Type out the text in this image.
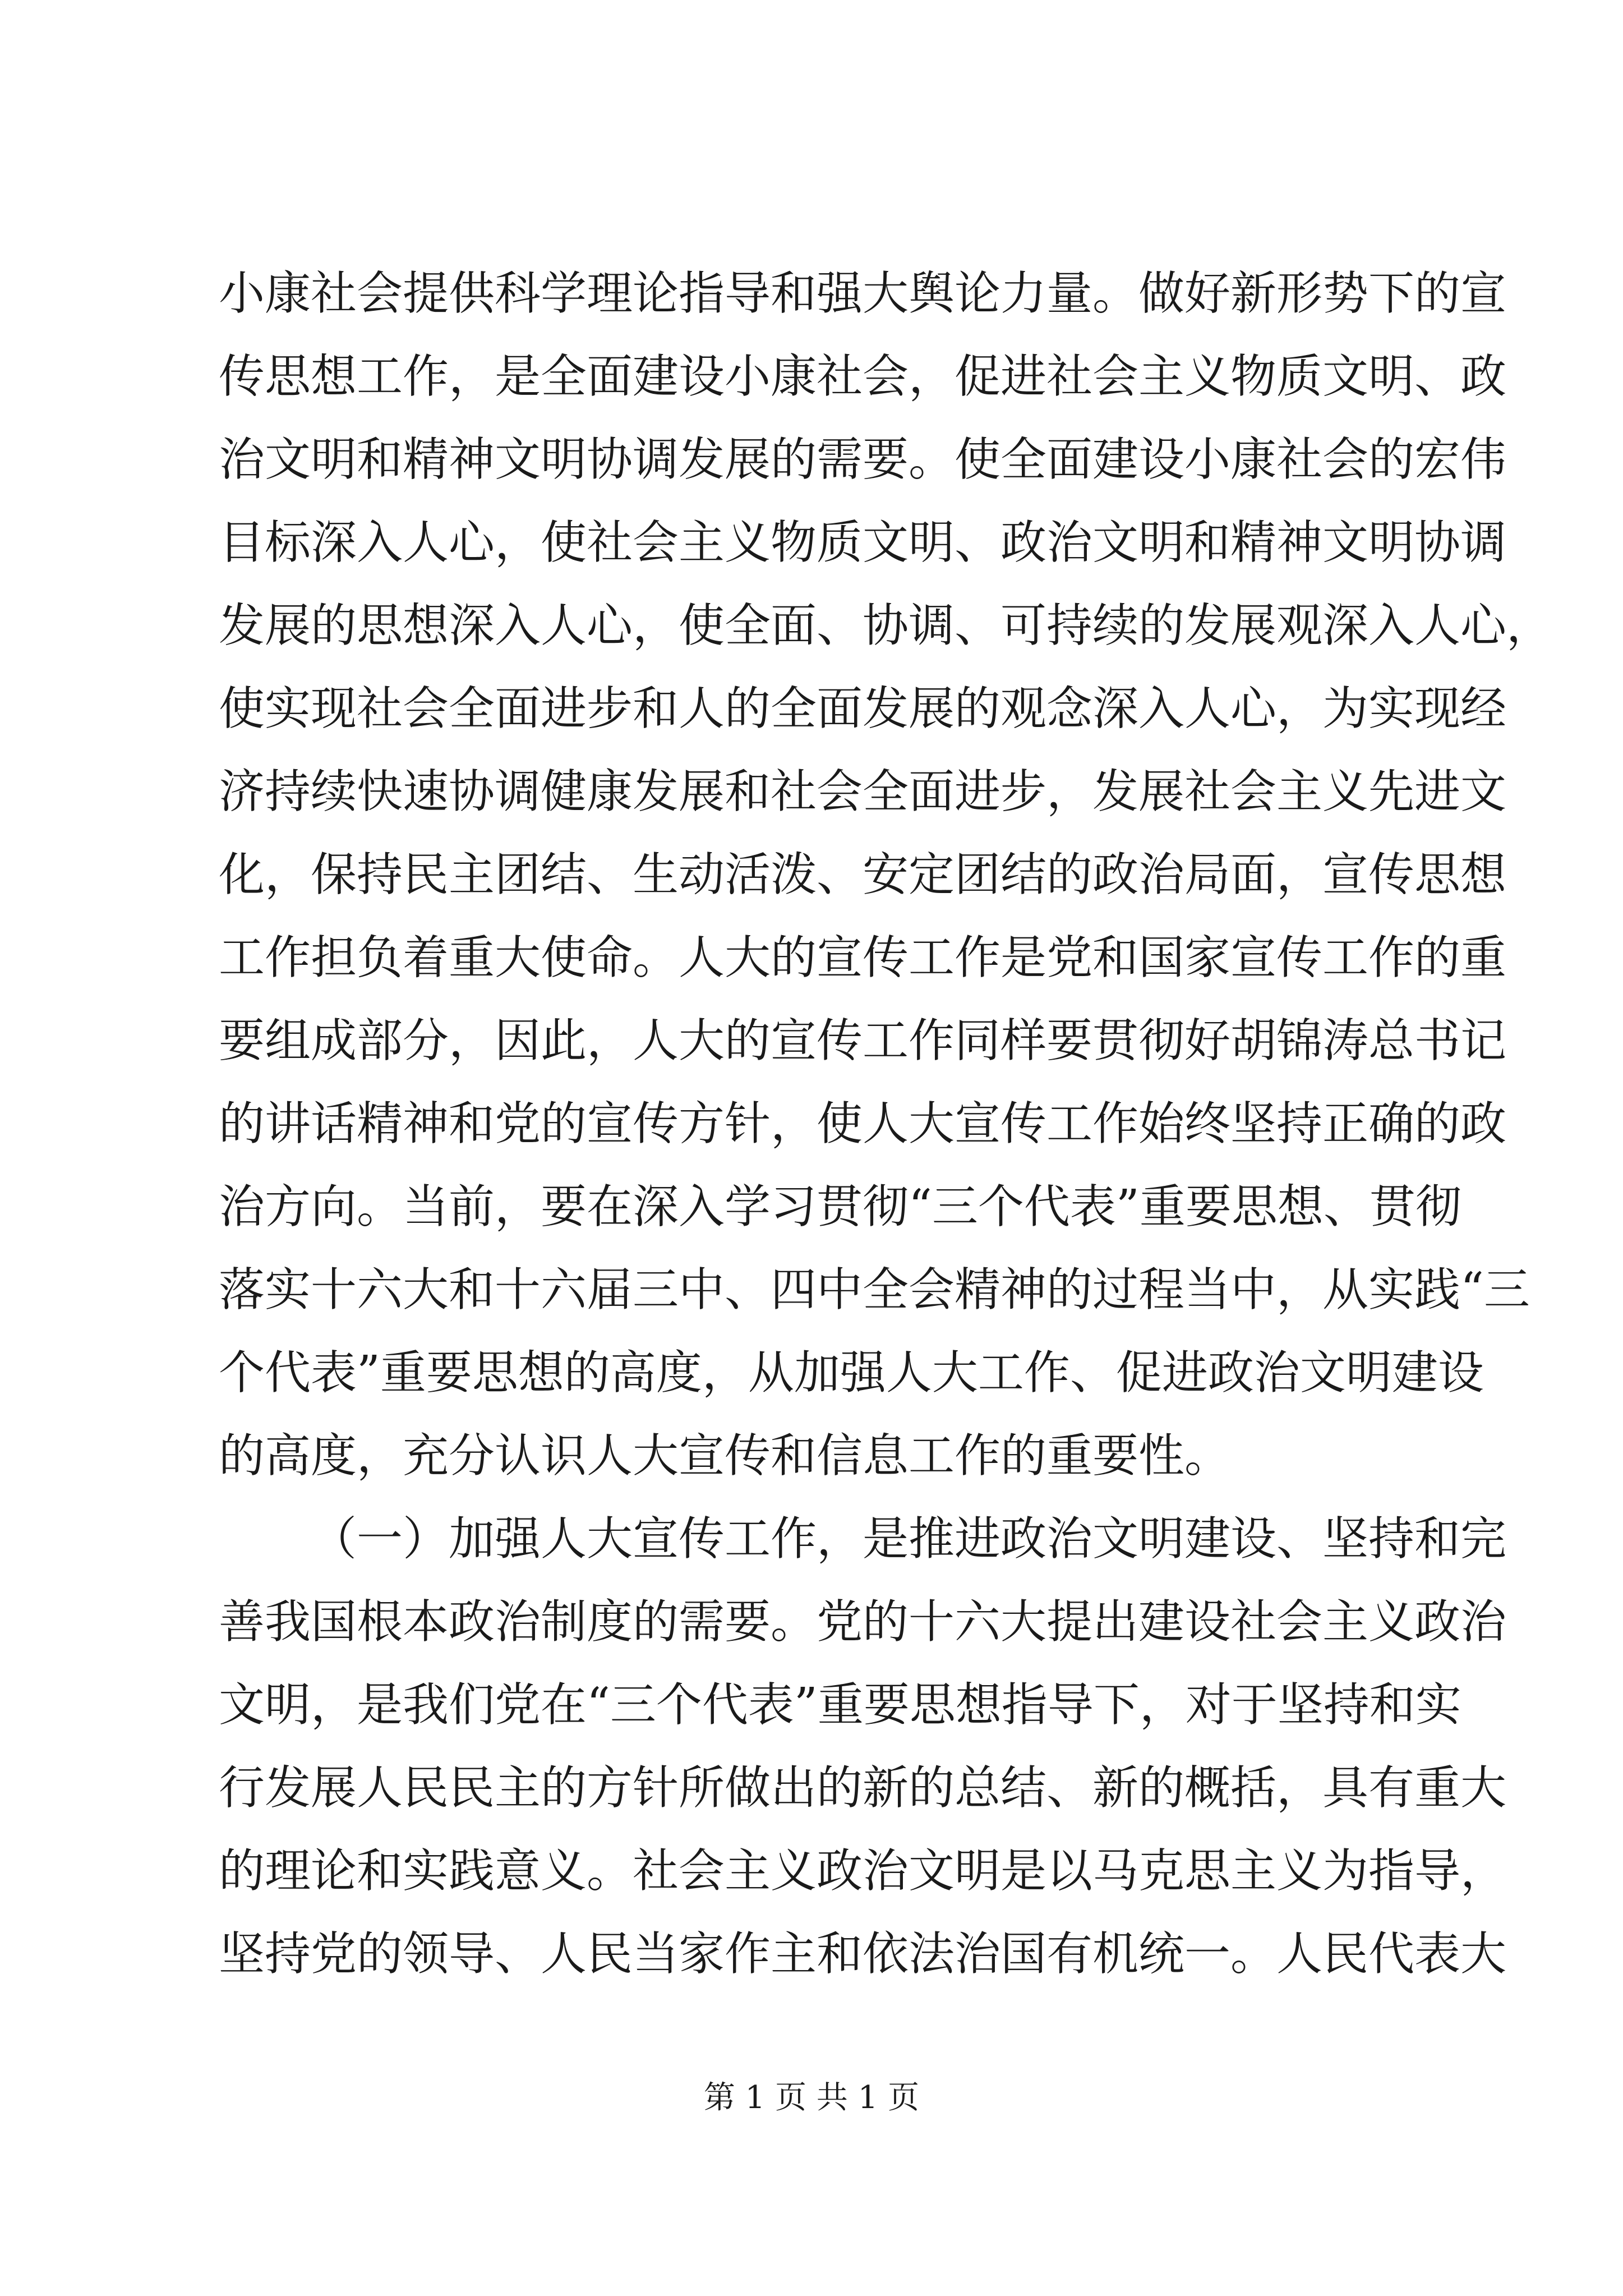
小康社会提供科学理论指导和强大舆论力量。做好新形势下的宣
传思想工作，是全面建设小康社会，促进社会主义物质文明、政
治文明和精神文明协调发展的需要。使全面建设小康社会的宏伟
目标深入人心，使社会主义物质文明、政治文明和精神文明协调
发展的思想深入人心，使全面、协调、可持续的发展观深入人心，
使实现社会全面进步和人的全面发展的观念深入人心，为实现经
济持续快速协调健康发展和社会全面进步，发展社会主义先进文
化，保持民主团结、生动活泼、安定团结的政治局面，宣传思想
工作担负着重大使命。人大的宣传工作是党和国家宣传工作的重
要组成部分，因此，人大的宣传工作同样要贯彻好胡锦涛总书记
的讲话精神和党的宣传方针，使人大宣传工作始终坚持正确的政
治方向。当前，要在深入学习贯彻“三个代表”重要思想、贯彻
落实十六大和十六届三中、四中全会精神的过程当中，从实践“三
个代表”重要思想的高度，从加强人大工作、促进政治文明建设
的高度，充分认识人大宣传和信息工作的重要性。
（一）加强人大宣传工作，是推进政治文明建设、坚持和完
善我国根本政治制度的需要。党的十六大提出建设社会主义政治
文明，是我们党在“三个代表”重要思想指导下，对于坚持和实
行发展人民民主的方针所做出的新的总结、新的概括，具有重大
的理论和实践意义。社会主义政治文明是以马克思主义为指导，
坚持党的领导、人民当家作主和依法治国有机统一。人民代表大
第 1 页 共 1 页
